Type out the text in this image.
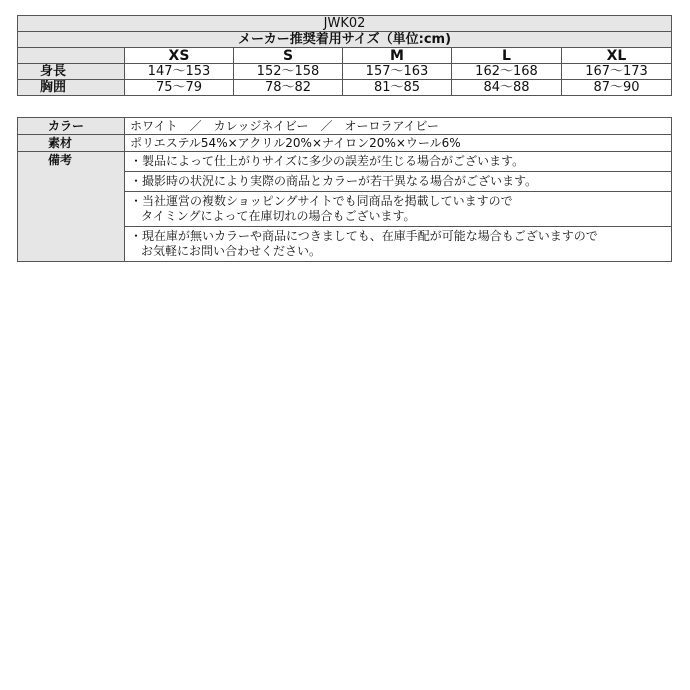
JWK02					
メーカー推奨着用サイズ（単位:cm)					
	XS	S	M	L	XL
身長	147〜153	152〜158	157〜163	162〜168	167〜173
胸囲	75〜79	78〜82	81〜85	84〜88	87〜90
カラー	ホワイト　／　カレッジネイビー　／　オーロラアイビー
素材	ポリエステル54%×アクリル20%×ナイロン20%×ウール6%
備考	・製品によって仕上がりサイズに多少の誤差が生じる場合がございます。

	・撮影時の状況により実際の商品とカラーが若干異なる場合がございます。

	・当社運営の複数ショッピングサイトでも同商品を掲載していますので
タイミングによって在庫切れの場合もございます。

	・現在庫が無いカラーや商品につきましても、在庫手配が可能な場合もございますので
お気軽にお問い合わせください。
